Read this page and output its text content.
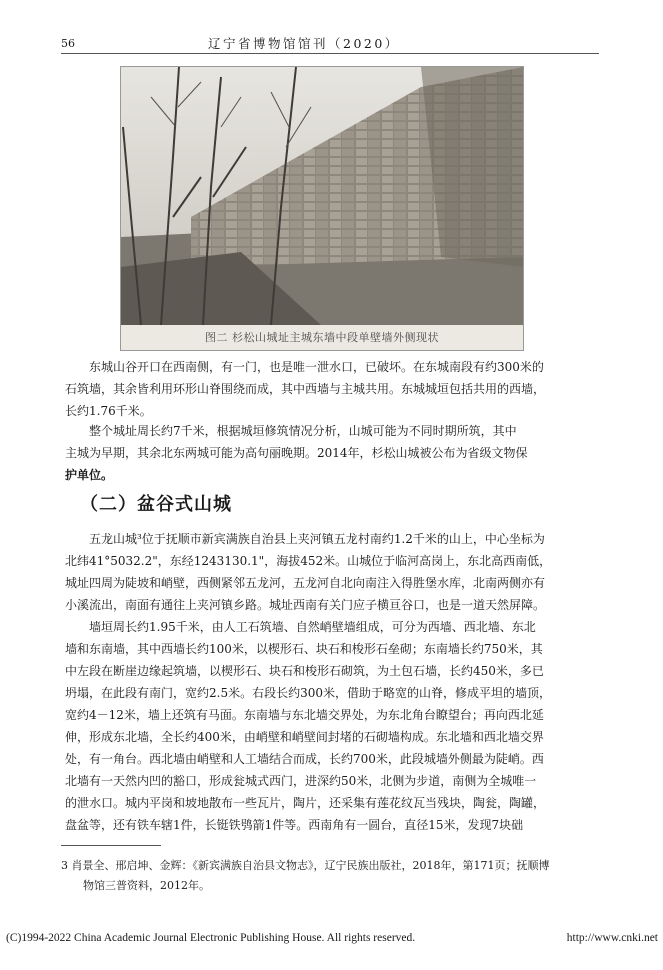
56	辽宁省博物馆馆刊（2020）
图二 杉松山城址主城东墙中段单壁墙外侧现状
东城山谷开口在西南侧，有一门，也是唯一泄水口，已破坏。在东城南段有约300米的
石筑墙，其余皆利用环形山脊围绕而成，其中西墙与主城共用。东城城垣包括共用的西墙，
长约1.76千米。
整个城址周长约7千米，根据城垣修筑情况分析，山城可能为不同时期所筑，其中
主城为早期，其余北东两城可能为高句丽晚期。2014年，杉松山城被公布为省级文物保
护单位。
（二）盆谷式山城
五龙山城³位于抚顺市新宾满族自治县上夹河镇五龙村南约1.2千米的山上，中心坐标为
北纬41°5032.2"，东经1243130.1"，海拔452米。山城位于临河高岗上，东北高西南低，
城址四周为陡坡和峭壁，西侧紧邻五龙河，五龙河自北向南注入得胜堡水库，北南两侧亦有
小溪流出，南面有通往上夹河镇乡路。城址西南有关门应子横亘谷口，也是一道天然屏障。
墙垣周长约1.95千米，由人工石筑墙、自然峭壁墙组成，可分为西墙、西北墙、东北
墙和东南墙，其中西墙长约100米，以楔形石、块石和梭形石垒砌；东南墙长约750米，其
中左段在断崖边缘起筑墙，以楔形石、块石和梭形石砌筑，为土包石墙，长约450米，多已
坍塌，在此段有南门，宽约2.5米。右段长约300米，借助于略宽的山脊，修成平坦的墙顶，
宽约4－12米，墙上还筑有马面。东南墙与东北墙交界处，为东北角台瞭望台；再向西北延
伸，形成东北墙，全长约400米，由峭壁和峭壁间封堵的石砌墙构成。东北墙和西北墙交界
处，有一角台。西北墙由峭壁和人工墙结合而成，长约700米，此段城墙外侧最为陡峭。西
北墙有一天然内凹的豁口，形成瓮城式西门，进深约50米，北侧为步道，南侧为全城唯一
的泄水口。城内平岗和坡地散布一些瓦片，陶片，还采集有莲花纹瓦当残块，陶瓮，陶罐，
盘盆等，还有铁车辖1件，长铤铁鸮箭1件等。西南角有一圆台，直径15米，发现7块础
3 肖景全、邢启坤、金辉：《新宾满族自治县文物志》，辽宁民族出版社，2018年，第171页；抚顺博
物馆三普资料，2012年。
(C)1994-2022 China Academic Journal Electronic Publishing House. All rights reserved.	http://www.cnki.net
